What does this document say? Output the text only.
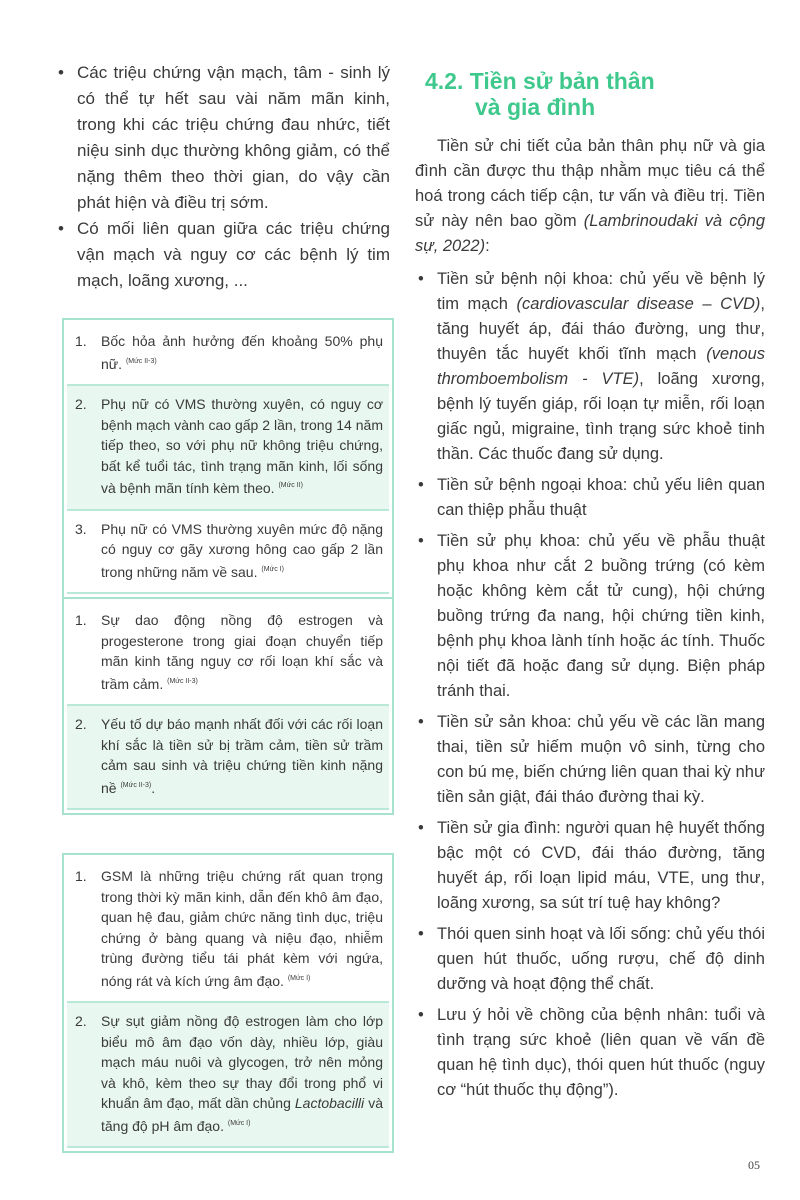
• Các triệu chứng vận mạch, tâm - sinh lý có thể tự hết sau vài năm mãn kinh, trong khi các triệu chứng đau nhức, tiết niệu sinh dục thường không giảm, có thể nặng thêm theo thời gian, do vậy cần phát hiện và điều trị sớm.
• Có mối liên quan giữa các triệu chứng vận mạch và nguy cơ các bệnh lý tim mạch, loãng xương, ...
1.	Bốc hỏa ảnh hưởng đến khoảng 50% phụ nữ. $^{(Mức II-3)}$
2.	Phụ nữ có VMS thường xuyên, có nguy cơ bệnh mạch vành cao gấp 2 lần, trong 14 năm tiếp theo, so với phụ nữ không triệu chứng, bất kể tuổi tác, tình trạng mãn kinh, lối sống và bệnh mãn tính kèm theo. $^{(Mức II)}$
3.	Phụ nữ có VMS thường xuyên mức độ nặng có nguy cơ gãy xương hông cao gấp 2 lần trong những năm về sau. $^{(Mức I)}$
1.	Sự dao động nồng độ estrogen và progesterone trong giai đoạn chuyển tiếp mãn kinh tăng nguy cơ rối loạn khí sắc và trầm cảm. $^{(Mức II-3)}$
2.	Yếu tố dự báo mạnh nhất đối với các rối loạn khí sắc là tiền sử bị trầm cảm, tiền sử trầm cảm sau sinh và triệu chứng tiền kinh nặng nề $^{(Mức II-3)}$.
1.	GSM là những triệu chứng rất quan trọng trong thời kỳ mãn kinh, dẫn đến khô âm đạo, quan hệ đau, giảm chức năng tình dục, triệu chứng ở bàng quang và niệu đạo, nhiễm trùng đường tiểu tái phát kèm với ngứa, nóng rát và kích ứng âm đạo. $^{(Mức I)}$
2.	Sự sụt giảm nồng độ estrogen làm cho lớp biểu mô âm đạo vốn dày, nhiều lớp, giàu mạch máu nuôi và glycogen, trở nên mỏng và khô, kèm theo sự thay đổi trong phổ vi khuẩn âm đạo, mất dần chủng Lactobacilli và tăng độ pH âm đạo. $^{(Mức I)}$
4.2. Tiền sử bản thân
và gia đình

Tiền sử chi tiết của bản thân phụ nữ và gia đình cần được thu thập nhằm mục tiêu cá thể hoá trong cách tiếp cận, tư vấn và điều trị. Tiền sử này nên bao gồm (Lambrinoudaki và cộng sự, 2022):

• Tiền sử bệnh nội khoa: chủ yếu về bệnh lý tim mạch (cardiovascular disease – CVD), tăng huyết áp, đái tháo đường, ung thư, thuyên tắc huyết khối tĩnh mạch (venous thromboembolism - VTE), loãng xương, bệnh lý tuyến giáp, rối loạn tự miễn, rối loạn giấc ngủ, migraine, tình trạng sức khoẻ tinh thần. Các thuốc đang sử dụng.
• Tiền sử bệnh ngoại khoa: chủ yếu liên quan can thiệp phẫu thuật
• Tiền sử phụ khoa: chủ yếu về phẫu thuật phụ khoa như cắt 2 buồng trứng (có kèm hoặc không kèm cắt tử cung), hội chứng buồng trứng đa nang, hội chứng tiền kinh, bệnh phụ khoa lành tính hoặc ác tính. Thuốc nội tiết đã hoặc đang sử dụng. Biện pháp tránh thai.
• Tiền sử sản khoa: chủ yếu về các lần mang thai, tiền sử hiếm muộn vô sinh, từng cho con bú mẹ, biến chứng liên quan thai kỳ như tiền sản giật, đái tháo đường thai kỳ.
• Tiền sử gia đình: người quan hệ huyết thống bậc một có CVD, đái tháo đường, tăng huyết áp, rối loạn lipid máu, VTE, ung thư, loãng xương, sa sút trí tuệ hay không?
• Thói quen sinh hoạt và lối sống: chủ yếu thói quen hút thuốc, uống rượu, chế độ dinh dưỡng và hoạt động thể chất.
• Lưu ý hỏi về chồng của bệnh nhân: tuổi và tình trạng sức khoẻ (liên quan về vấn đề quan hệ tình dục), thói quen hút thuốc (nguy cơ “hút thuốc thụ động”).
05
